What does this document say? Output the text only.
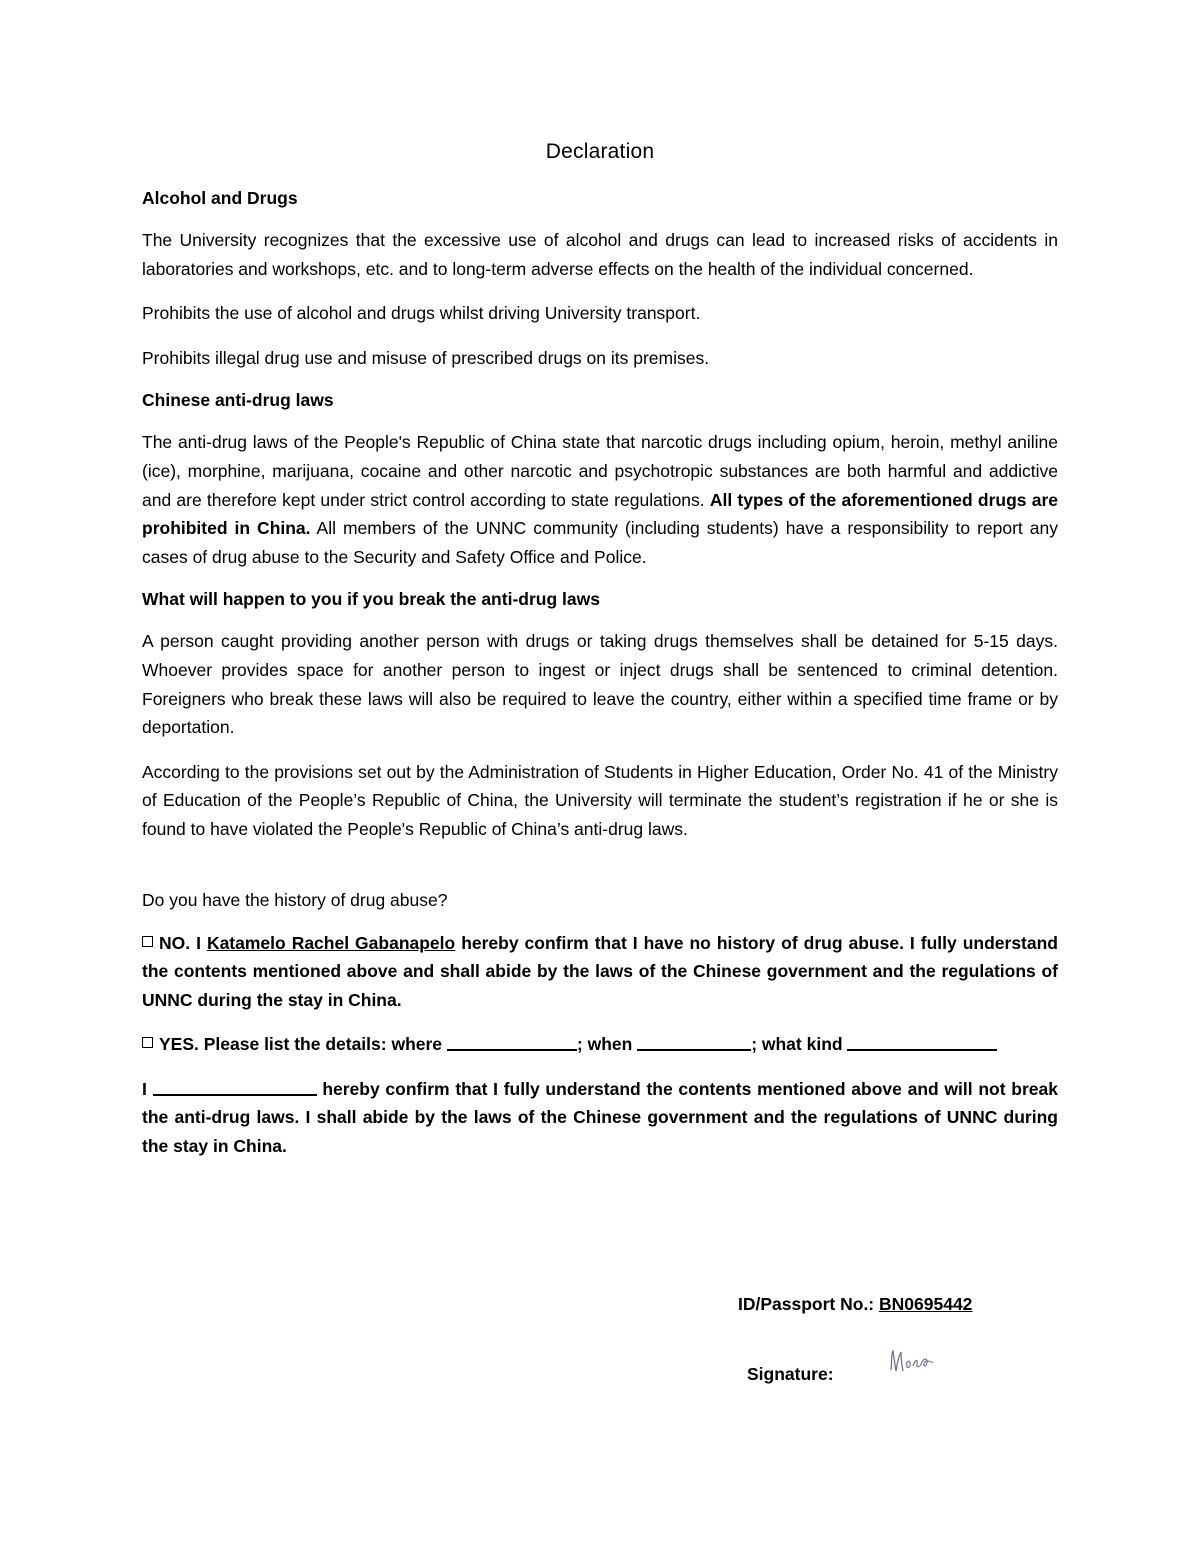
Declaration
Alcohol and Drugs
The University recognizes that the excessive use of alcohol and drugs can lead to increased risks of accidents in laboratories and workshops, etc. and to long-term adverse effects on the health of the individual concerned.
Prohibits the use of alcohol and drugs whilst driving University transport.
Prohibits illegal drug use and misuse of prescribed drugs on its premises.
Chinese anti-drug laws
The anti-drug laws of the People's Republic of China state that narcotic drugs including opium, heroin, methyl aniline (ice), morphine, marijuana, cocaine and other narcotic and psychotropic substances are both harmful and addictive and are therefore kept under strict control according to state regulations. All types of the aforementioned drugs are prohibited in China. All members of the UNNC community (including students) have a responsibility to report any cases of drug abuse to the Security and Safety Office and Police.
What will happen to you if you break the anti-drug laws
A person caught providing another person with drugs or taking drugs themselves shall be detained for 5-15 days. Whoever provides space for another person to ingest or inject drugs shall be sentenced to criminal detention. Foreigners who break these laws will also be required to leave the country, either within a specified time frame or by deportation.
According to the provisions set out by the Administration of Students in Higher Education, Order No. 41 of the Ministry of Education of the People’s Republic of China, the University will terminate the student’s registration if he or she is found to have violated the People's Republic of China’s anti-drug laws.
Do you have the history of drug abuse?
NO. I Katamelo Rachel Gabanapelo hereby confirm that I have no history of drug abuse. I fully understand the contents mentioned above and shall abide by the laws of the Chinese government and the regulations of UNNC during the stay in China.
YES. Please list the details: where	; when	; what kind
I	hereby confirm that I fully understand the contents mentioned above and will not break the anti-drug laws. I shall abide by the laws of the Chinese government and the regulations of UNNC during the stay in China.
ID/Passport No.: BN0695442
Signature:
